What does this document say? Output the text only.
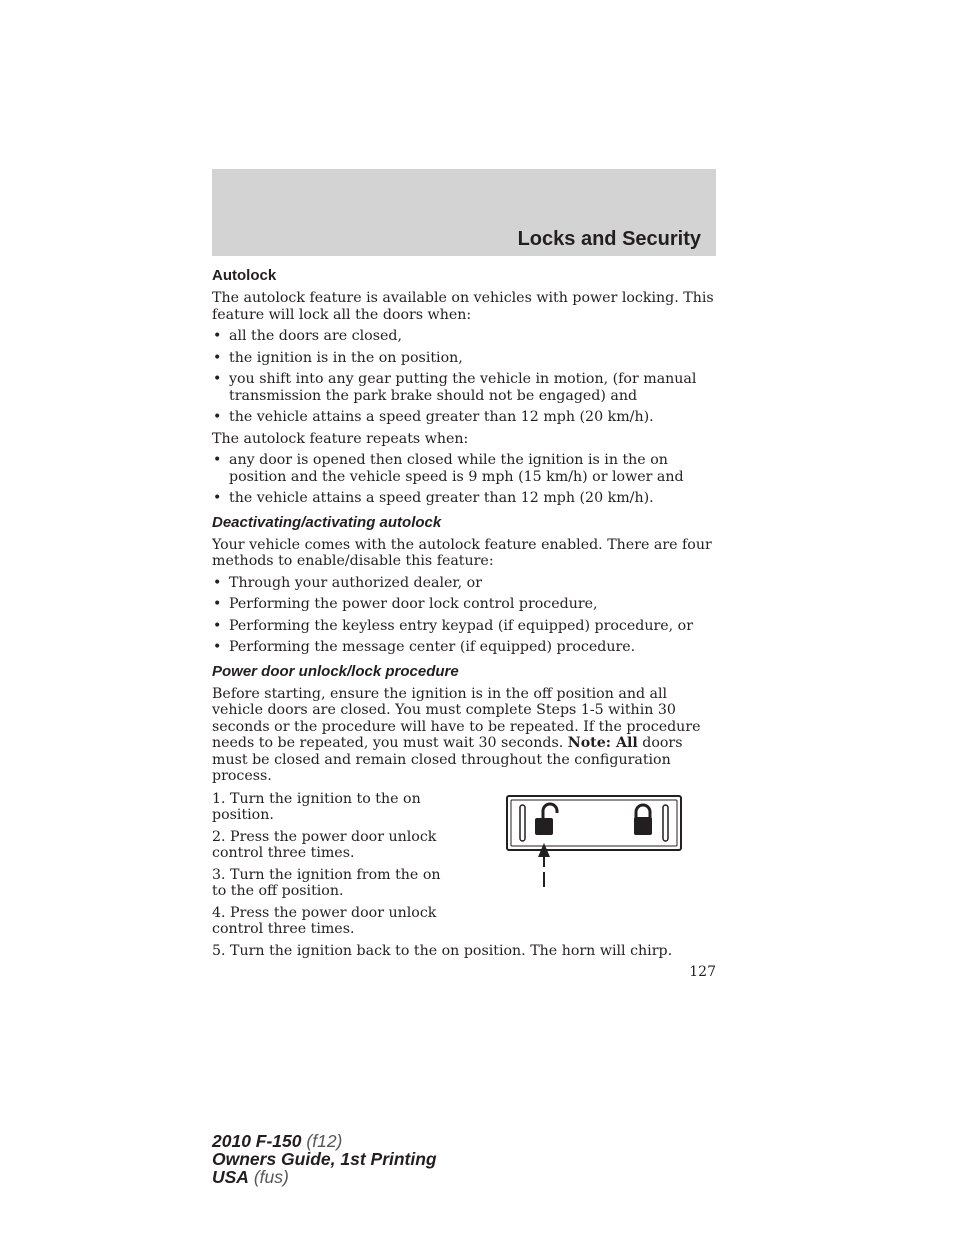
Locks and Security
Autolock

The autolock feature is available on vehicles with power locking. This feature will lock all the doors when:

• all the doors are closed,
• the ignition is in the on position,
• you shift into any gear putting the vehicle in motion, (for manual transmission the park brake should not be engaged) and
• the vehicle attains a speed greater than 12 mph (20 km/h).

The autolock feature repeats when:

• any door is opened then closed while the ignition is in the on position and the vehicle speed is 9 mph (15 km/h) or lower and
• the vehicle attains a speed greater than 12 mph (20 km/h).
Deactivating/activating autolock

Your vehicle comes with the autolock feature enabled. There are four methods to enable/disable this feature:

• Through your authorized dealer, or
• Performing the power door lock control procedure,
• Performing the keyless entry keypad (if equipped) procedure, or
• Performing the message center (if equipped) procedure.
Power door unlock/lock procedure

Before starting, ensure the ignition is in the off position and all vehicle doors are closed. You must complete Steps 1-5 within 30 seconds or the procedure will have to be repeated. If the procedure needs to be repeated, you must wait 30 seconds. Note: All doors must be closed and remain closed throughout the configuration process.

1. Turn the ignition to the on position.

2. Press the power door unlock control three times.

3. Turn the ignition from the on to the off position.

4. Press the power door unlock control three times.

5. Turn the ignition back to the on position. The horn will chirp.

127
2010 F-150 (f12)
Owners Guide, 1st Printing
USA (fus)
